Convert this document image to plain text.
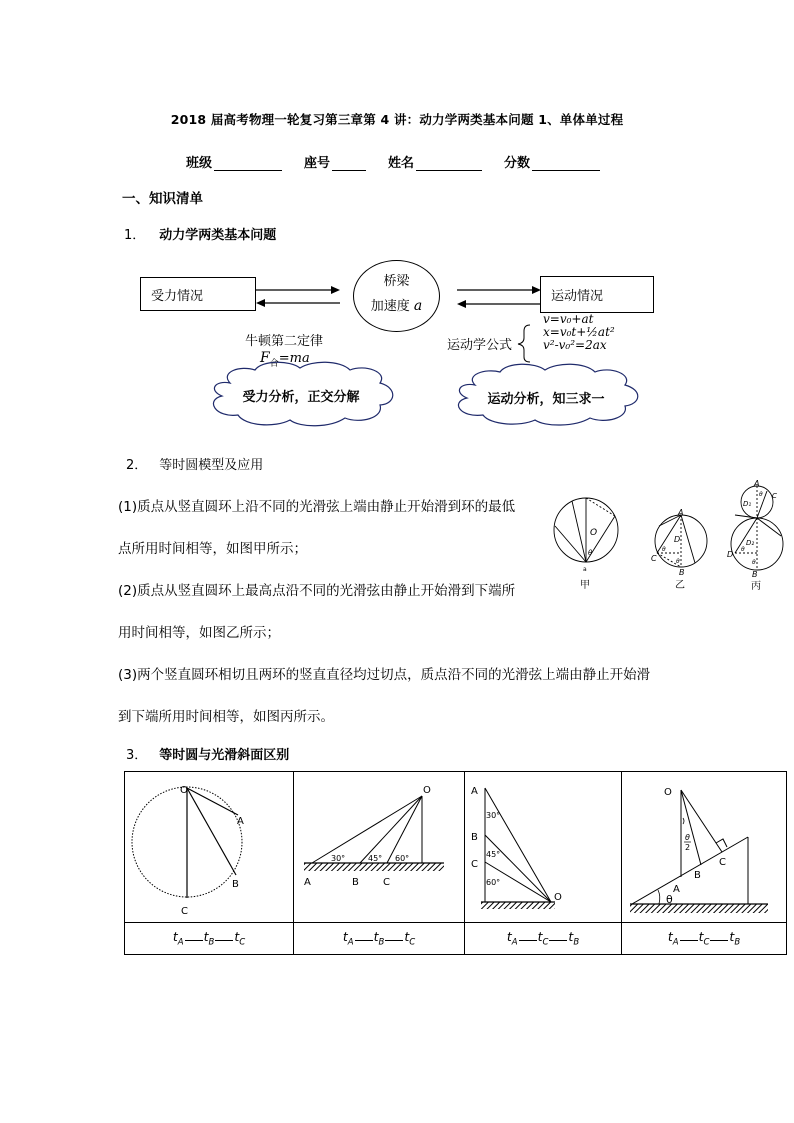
2018 届高考物理一轮复习第三章第 4 讲：动力学两类基本问题 1、单体单过程
班级	座号	姓名	分数
一、知识清单
1． 动力学两类基本问题
受力情况
桥梁
加速度 a
运动情况
牛顿第二定律
$F_合=ma$
运动学公式
v=v₀+at
x=v₀t+½at²
v²-v₀²=2ax
受力分析，正交分解	运动分析，知三求一
2． 等时圆模型及应用
(1)质点从竖直圆环上沿不同的光滑弦上端由静止开始滑到环的最低
点所用时间相等，如图甲所示；
(2)质点从竖直圆环上最高点沿不同的光滑弦由静止开始滑到下端所
用时间相等，如图乙所示；
(3)两个竖直圆环相切且两环的竖直直径均过切点，质点沿不同的光滑弦上端由静止开始滑
到下端所用时间相等，如图丙所示。
O
θ
a
甲
A
D
C
B
θ
θ
乙
A
D₁
C
θ
D₂
D
B
θ
θ
丙
3． 等时圆与光滑斜面区别
O
A
B
C

O
A	B C
30°	45° 60°

A
B
C
O
30°
45°
60°

O
A
B
C
θ
2
θ

$t_A$ $t_B$ $t_C$	$t_A$ $t_B$ $t_C$	$t_A$ $t_C$ $t_B$	$t_A$ $t_C$ $t_B$
